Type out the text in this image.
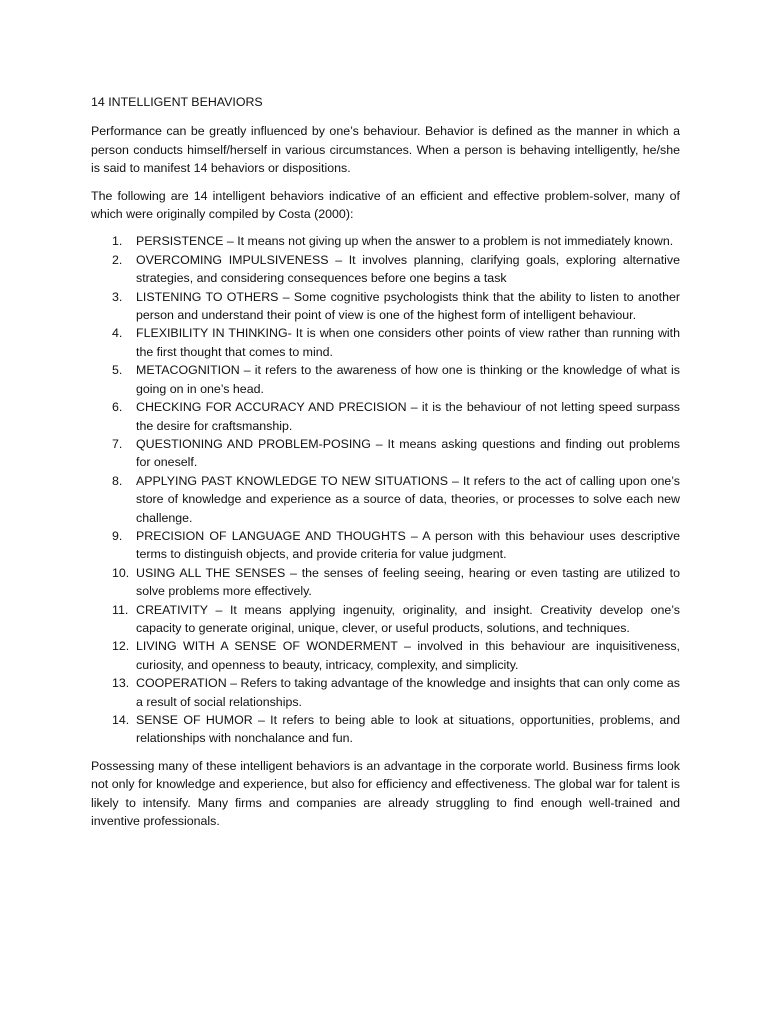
14 INTELLIGENT BEHAVIORS

Performance can be greatly influenced by one’s behaviour. Behavior is defined as the manner in which a person conducts himself/herself in various circumstances. When a person is behaving intelligently, he/she is said to manifest 14 behaviors or dispositions.

The following are 14 intelligent behaviors indicative of an efficient and effective problem-solver, many of which were originally compiled by Costa (2000):

1. PERSISTENCE – It means not giving up when the answer to a problem is not immediately known.
2. OVERCOMING IMPULSIVENESS – It involves planning, clarifying goals, exploring alternative strategies, and considering consequences before one begins a task
3. LISTENING TO OTHERS – Some cognitive psychologists think that the ability to listen to another person and understand their point of view is one of the highest form of intelligent behaviour.
4. FLEXIBILITY IN THINKING- It is when one considers other points of view rather than running with the first thought that comes to mind.
5. METACOGNITION – it refers to the awareness of how one is thinking or the knowledge of what is going on in one’s head.
6. CHECKING FOR ACCURACY AND PRECISION – it is the behaviour of not letting speed surpass the desire for craftsmanship.
7. QUESTIONING AND PROBLEM-POSING – It means asking questions and finding out problems for oneself.
8. APPLYING PAST KNOWLEDGE TO NEW SITUATIONS – It refers to the act of calling upon one’s store of knowledge and experience as a source of data, theories, or processes to solve each new challenge.
9. PRECISION OF LANGUAGE AND THOUGHTS – A person with this behaviour uses descriptive terms to distinguish objects, and provide criteria for value judgment.
10. USING ALL THE SENSES – the senses of feeling seeing, hearing or even tasting are utilized to solve problems more effectively.
11. CREATIVITY – It means applying ingenuity, originality, and insight. Creativity develop one’s capacity to generate original, unique, clever, or useful products, solutions, and techniques.
12. LIVING WITH A SENSE OF WONDERMENT – involved in this behaviour are inquisitiveness, curiosity, and openness to beauty, intricacy, complexity, and simplicity.
13. COOPERATION – Refers to taking advantage of the knowledge and insights that can only come as a result of social relationships.
14. SENSE OF HUMOR – It refers to being able to look at situations, opportunities, problems, and relationships with nonchalance and fun.

Possessing many of these intelligent behaviors is an advantage in the corporate world. Business firms look not only for knowledge and experience, but also for efficiency and effectiveness. The global war for talent is likely to intensify. Many firms and companies are already struggling to find enough well-trained and inventive professionals.
